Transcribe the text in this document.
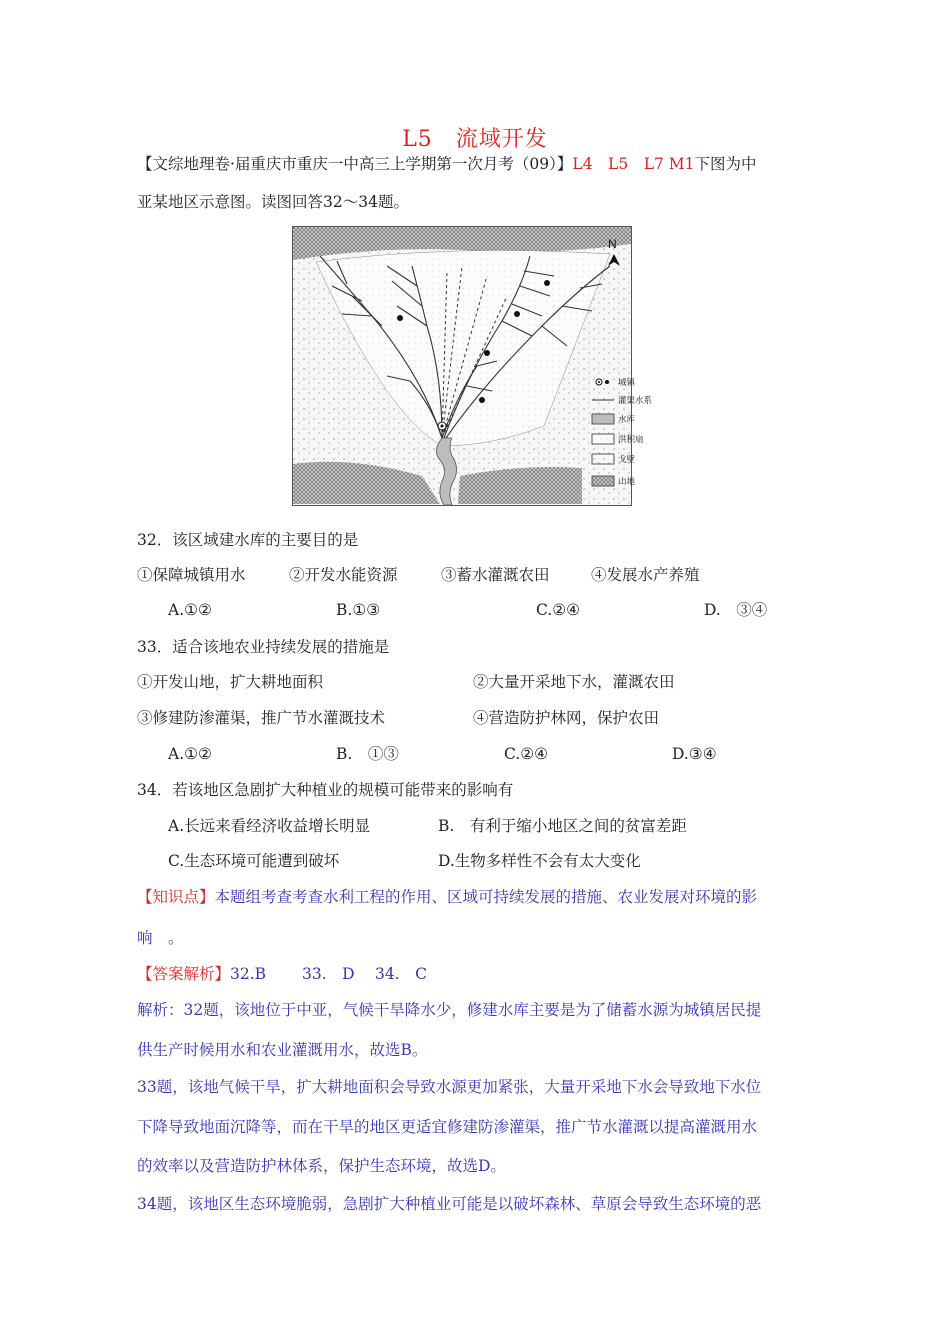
L5　流域开发
【文综地理卷·届重庆市重庆一中高三上学期第一次月考（09）】L4　L5　L7 M1下图为中
亚某地区示意图。读图回答32～34题。
N
城镇
灌渠水系
水库
洪积扇
戈壁
山地
32．该区域建水库的主要目的是
①保障城镇用水	②开发水能资源	③蓄水灌溉农田	④发展水产养殖
A.①②	B.①③	C.②④	D.　③④
33．适合该地农业持续发展的措施是
①开发山地，扩大耕地面积	②大量开采地下水，灌溉农田
③修建防渗灌渠，推广节水灌溉技术	④营造防护林网，保护农田
A.①②	B.　①③	C.②④	D.③④
34．若该地区急剧扩大种植业的规模可能带来的影响有
A.长远来看经济收益增长明显	B.　有利于缩小地区之间的贫富差距
C.生态环境可能遭到破坏	D.生物多样性不会有太大变化
【知识点】本题组考查考查水利工程的作用、区域可持续发展的措施、农业发展对环境的影
响　。
【答案解析】32.B　　 33.　D　 34.　C
解析：32题，该地位于中亚，气候干旱降水少，修建水库主要是为了储蓄水源为城镇居民提
供生产时候用水和农业灌溉用水，故选B。
33题，该地气候干旱，扩大耕地面积会导致水源更加紧张，大量开采地下水会导致地下水位
下降导致地面沉降等，而在干旱的地区更适宜修建防渗灌渠，推广节水灌溉以提高灌溉用水
的效率以及营造防护林体系，保护生态环境，故选D。
34题，该地区生态环境脆弱，急剧扩大种植业可能是以破坏森林、草原会导致生态环境的恶
